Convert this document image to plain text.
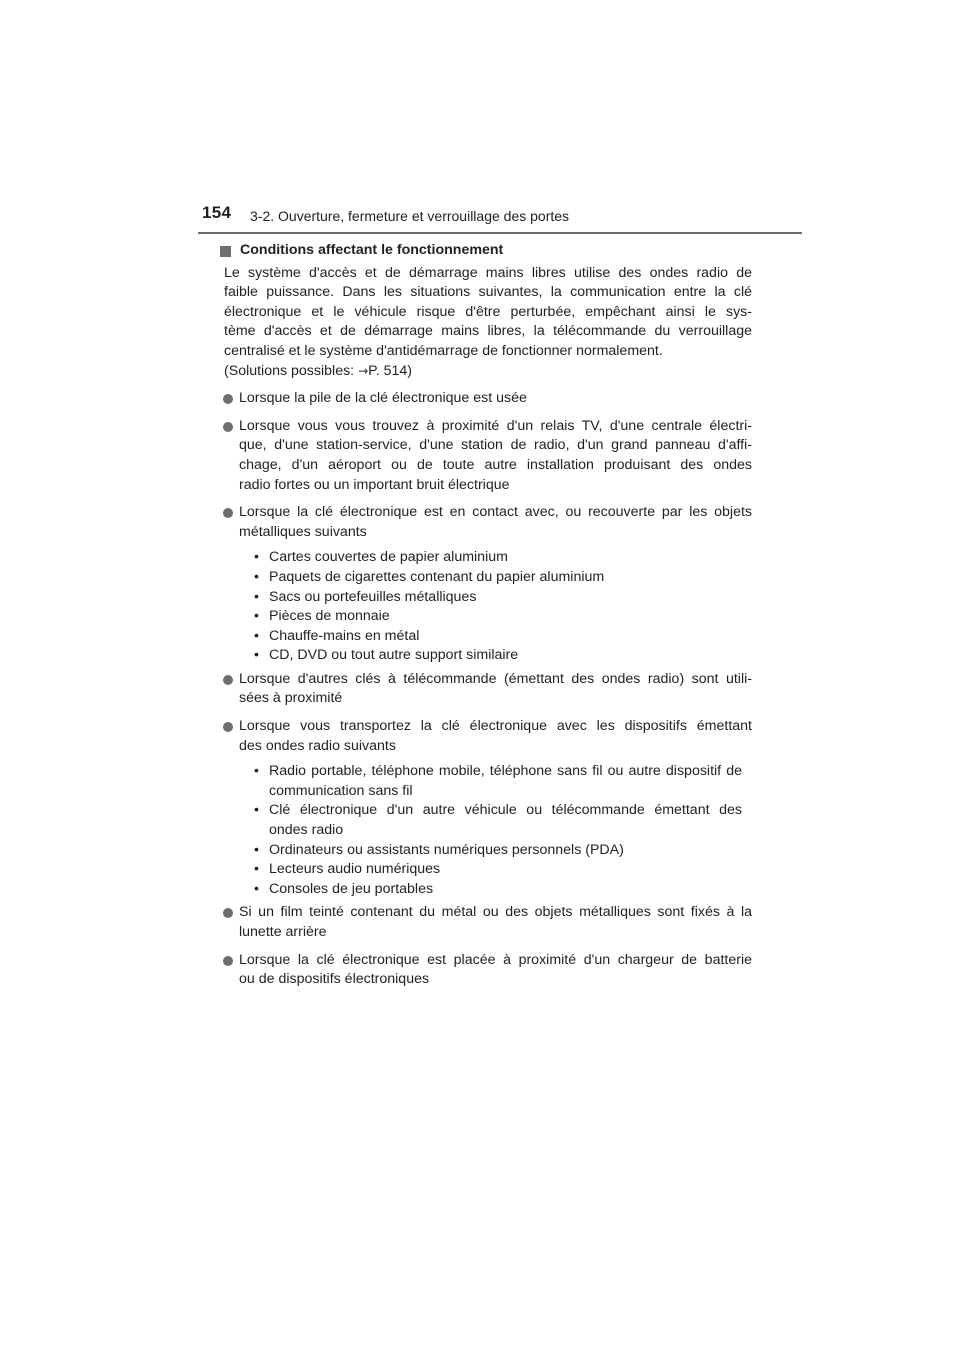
154 3-2. Ouverture, fermeture et verrouillage des portes
Conditions affectant le fonctionnement
Le système d'accès et de démarrage mains libres utilise des ondes radio de
faible puissance. Dans les situations suivantes, la communication entre la clé
électronique et le véhicule risque d'être perturbée, empêchant ainsi le sys-
tème d'accès et de démarrage mains libres, la télécommande du verrouillage
centralisé et le système d'antidémarrage de fonctionner normalement.
(Solutions possibles: →P. 514)
Lorsque la pile de la clé électronique est usée
Lorsque vous vous trouvez à proximité d'un relais TV, d'une centrale électri-
que, d'une station-service, d'une station de radio, d'un grand panneau d'affi-
chage, d'un aéroport ou de toute autre installation produisant des ondes
radio fortes ou un important bruit électrique
Lorsque la clé électronique est en contact avec, ou recouverte par les objets
métalliques suivants
• Cartes couvertes de papier aluminium
• Paquets de cigarettes contenant du papier aluminium
• Sacs ou portefeuilles métalliques
• Pièces de monnaie
• Chauffe-mains en métal
• CD, DVD ou tout autre support similaire
Lorsque d'autres clés à télécommande (émettant des ondes radio) sont utili-
sées à proximité
Lorsque vous transportez la clé électronique avec les dispositifs émettant
des ondes radio suivants
• Radio portable, téléphone mobile, téléphone sans fil ou autre dispositif de
communication sans fil
• Clé électronique d'un autre véhicule ou télécommande émettant des
ondes radio
• Ordinateurs ou assistants numériques personnels (PDA)
• Lecteurs audio numériques
• Consoles de jeu portables
Si un film teinté contenant du métal ou des objets métalliques sont fixés à la
lunette arrière
Lorsque la clé électronique est placée à proximité d'un chargeur de batterie
ou de dispositifs électroniques
